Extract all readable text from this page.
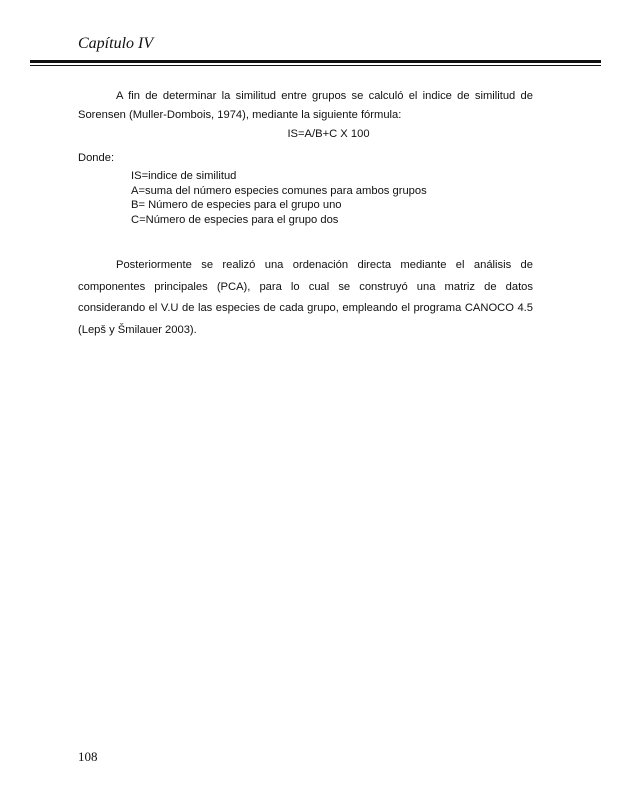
Capítulo IV

A fin de determinar la similitud entre grupos se calculó el indice de similitud de Sorensen (Muller-Dombois, 1974), mediante la siguiente fórmula:

IS=A/B+C X 100

Donde:

IS=indice de similitud
A=suma del número especies comunes para ambos grupos
B= Número de especies para el grupo uno
C=Número de especies para el grupo dos

Posteriormente se realizó una ordenación directa mediante el análisis de componentes principales (PCA), para lo cual se construyó una matriz de datos considerando el V.U de las especies de cada grupo, empleando el programa CANOCO 4.5 (Lepš y Šmilauer 2003).

108
